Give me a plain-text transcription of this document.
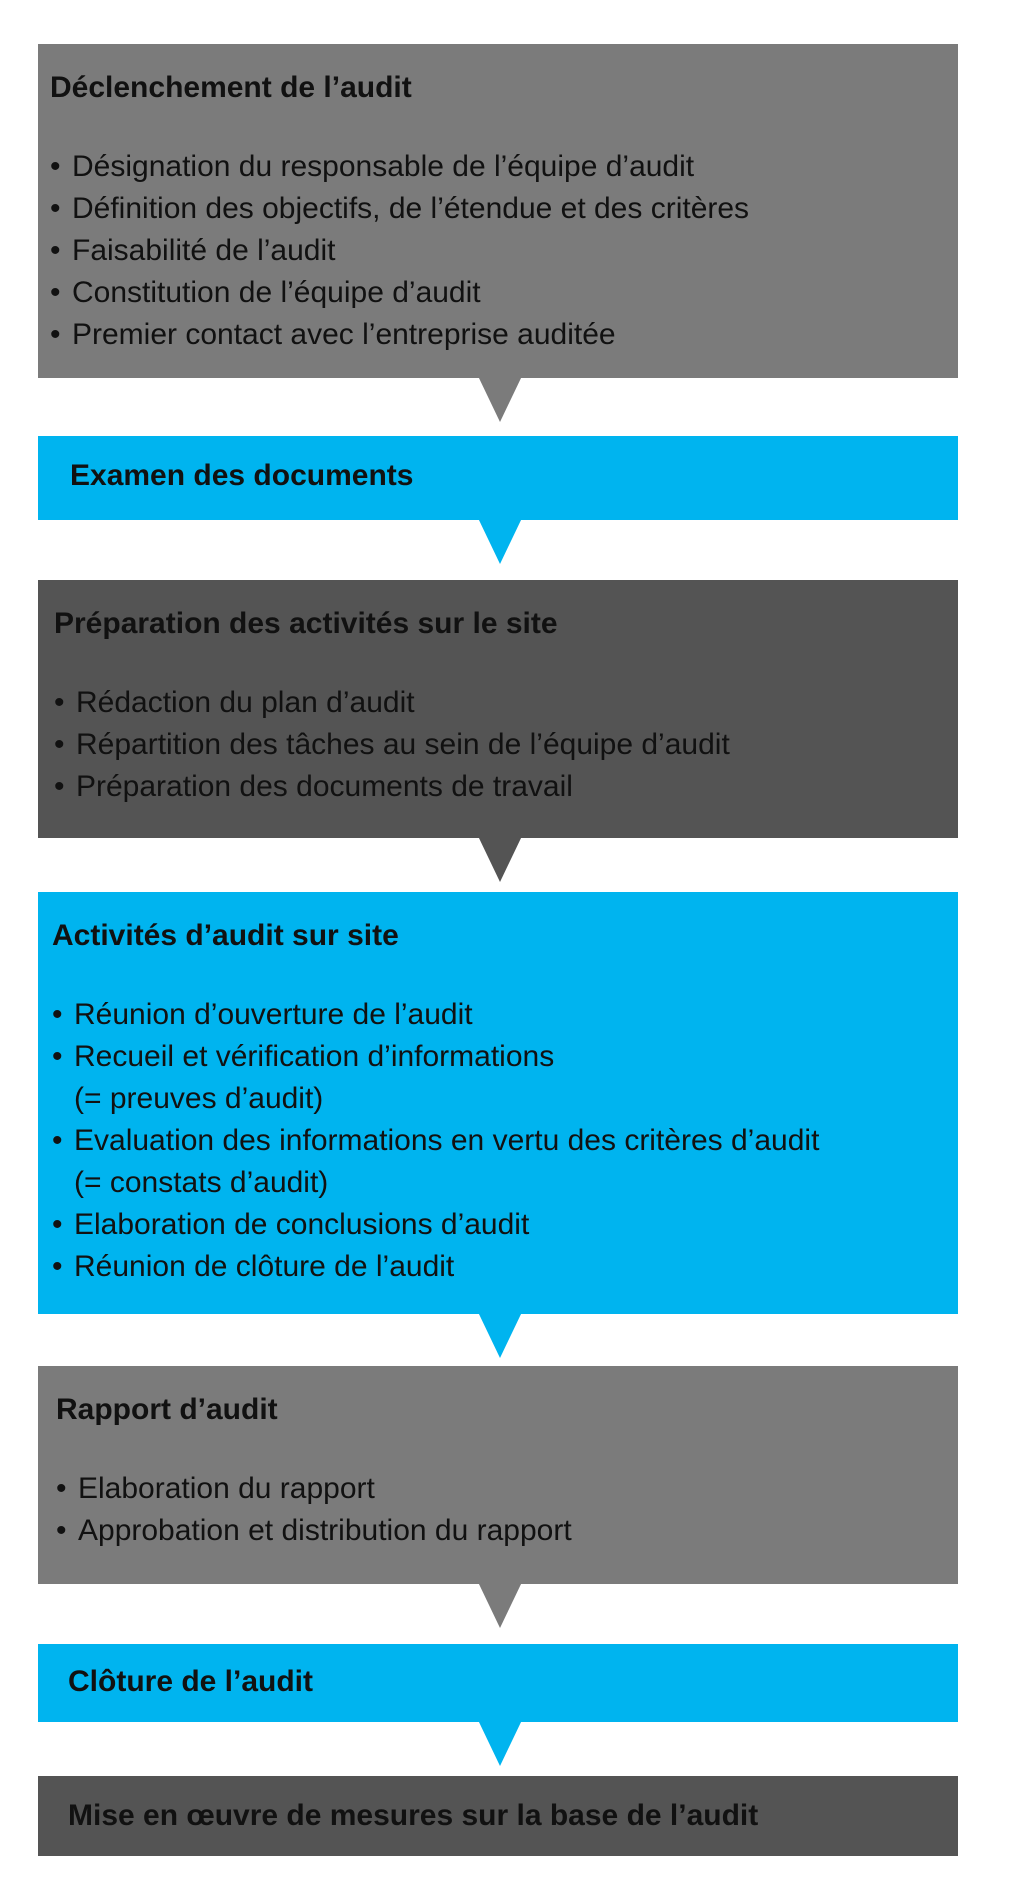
Déclenchement de l’audit
• Désignation du responsable de l’équipe d’audit
• Définition des objectifs, de l’étendue et des critères
• Faisabilité de l’audit
• Constitution de l’équipe d’audit
• Premier contact avec l’entreprise auditée
Examen des documents
Préparation des activités sur le site
• Rédaction du plan d’audit
• Répartition des tâches au sein de l’équipe d’audit
• Préparation des documents de travail
Activités d’audit sur site
• Réunion d’ouverture de l’audit
• Recueil et vérification d’informations
(= preuves d’audit)
• Evaluation des informations en vertu des critères d’audit
(= constats d’audit)
• Elaboration de conclusions d’audit
• Réunion de clôture de l’audit
Rapport d’audit
• Elaboration du rapport
• Approbation et distribution du rapport
Clôture de l’audit
Mise en œuvre de mesures sur la base de l’audit
